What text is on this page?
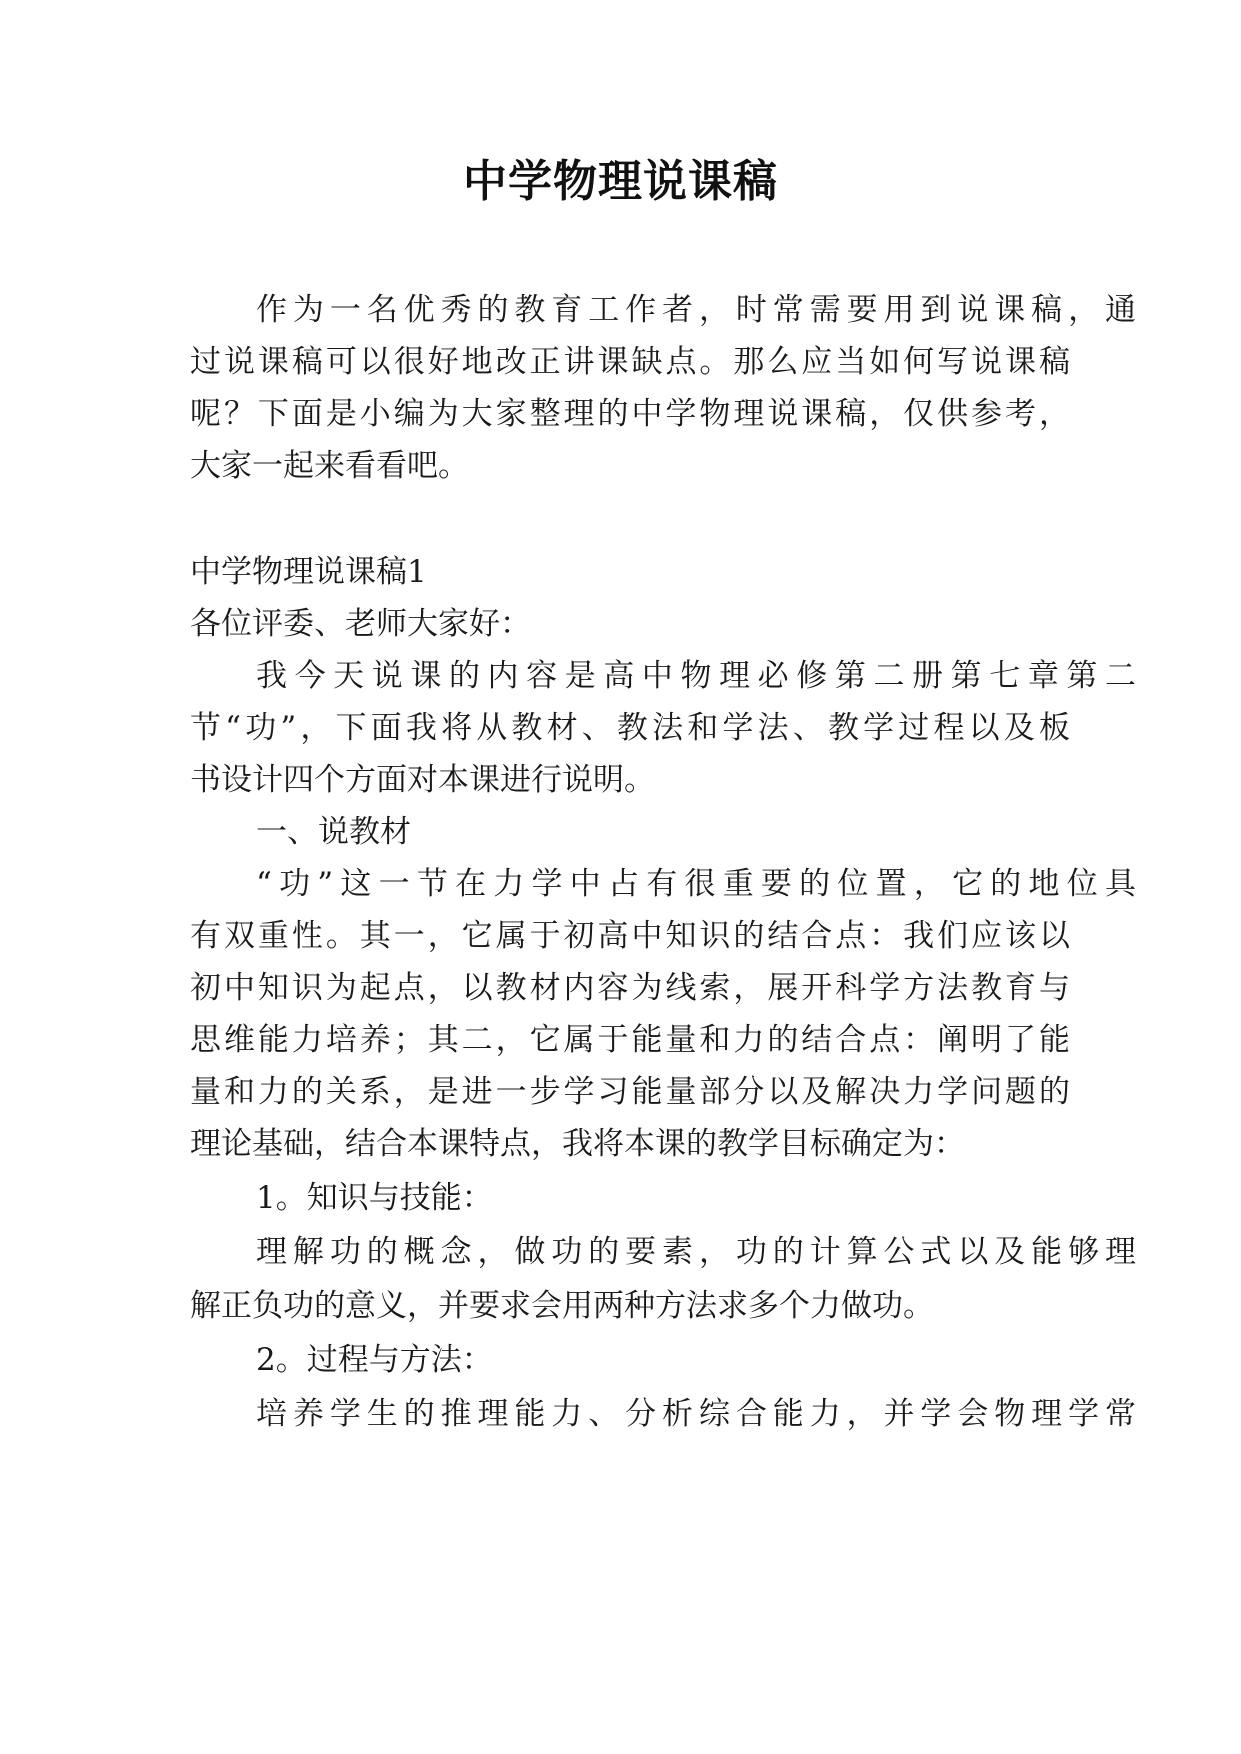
中学物理说课稿
作为一名优秀的教育工作者，时常需要用到说课稿，通
过说课稿可以很好地改正讲课缺点。那么应当如何写说课稿
呢？下面是小编为大家整理的中学物理说课稿，仅供参考，
大家一起来看看吧。
中学物理说课稿1
各位评委、老师大家好：
我今天说课的内容是高中物理必修第二册第七章第二
节“功”，下面我将从教材、教法和学法、教学过程以及板
书设计四个方面对本课进行说明。
一、说教材
“功”这一节在力学中占有很重要的位置，它的地位具
有双重性。其一，它属于初高中知识的结合点：我们应该以
初中知识为起点，以教材内容为线索，展开科学方法教育与
思维能力培养；其二，它属于能量和力的结合点：阐明了能
量和力的关系，是进一步学习能量部分以及解决力学问题的
理论基础，结合本课特点，我将本课的教学目标确定为：
1。知识与技能：
理解功的概念，做功的要素，功的计算公式以及能够理
解正负功的意义，并要求会用两种方法求多个力做功。
2。过程与方法：
培养学生的推理能力、分析综合能力，并学会物理学常
